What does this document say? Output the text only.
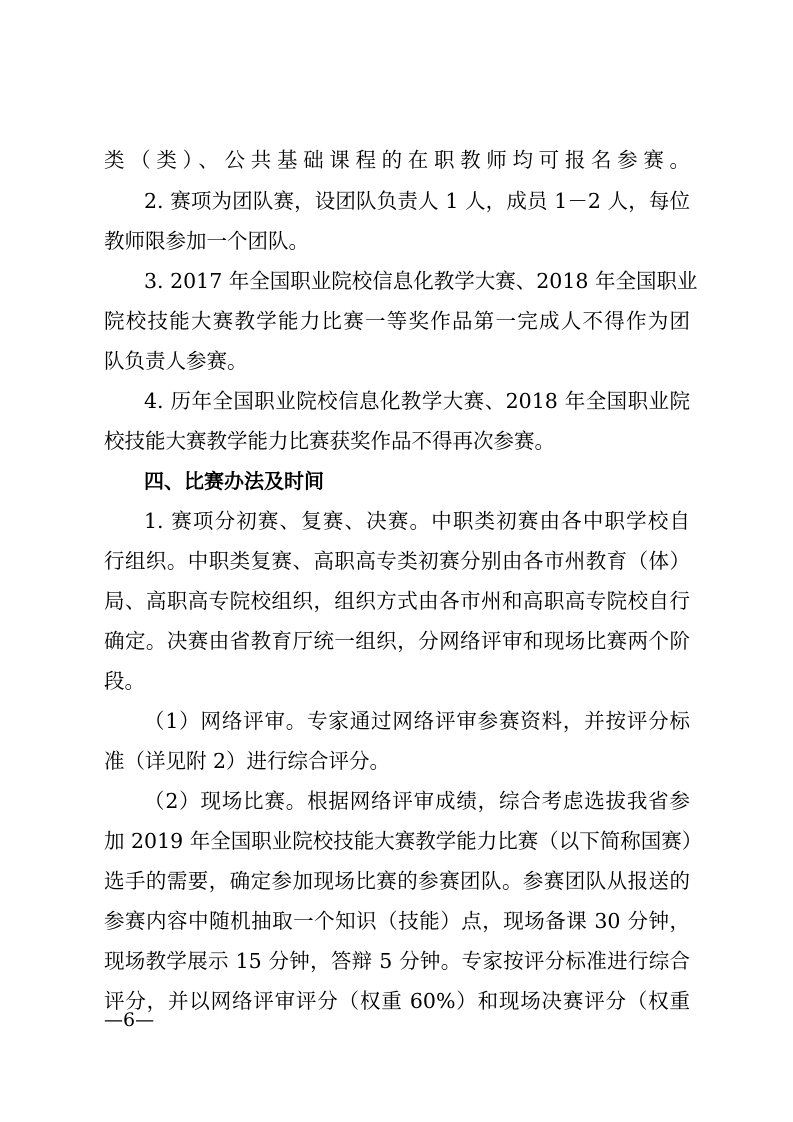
类（类）、公共基础课程的在职教师均可报名参赛。
2. 赛项为团队赛，设团队负责人 1 人，成员 1－2 人，每位
教师限参加一个团队。
3. 2017 年全国职业院校信息化教学大赛、2018 年全国职业
院校技能大赛教学能力比赛一等奖作品第一完成人不得作为团
队负责人参赛。
4. 历年全国职业院校信息化教学大赛、2018 年全国职业院
校技能大赛教学能力比赛获奖作品不得再次参赛。
四、比赛办法及时间
1. 赛项分初赛、复赛、决赛。中职类初赛由各中职学校自
行组织。中职类复赛、高职高专类初赛分别由各市州教育（体）
局、高职高专院校组织，组织方式由各市州和高职高专院校自行
确定。决赛由省教育厅统一组织，分网络评审和现场比赛两个阶
段。
（1）网络评审。专家通过网络评审参赛资料，并按评分标
准（详见附 2）进行综合评分。
（2）现场比赛。根据网络评审成绩，综合考虑选拔我省参
加 2019 年全国职业院校技能大赛教学能力比赛（以下简称国赛）
选手的需要，确定参加现场比赛的参赛团队。参赛团队从报送的
参赛内容中随机抽取一个知识（技能）点，现场备课 30 分钟，
现场教学展示 15 分钟，答辩 5 分钟。专家按评分标准进行综合
评分，并以网络评审评分（权重 60%）和现场决赛评分（权重
—6—
